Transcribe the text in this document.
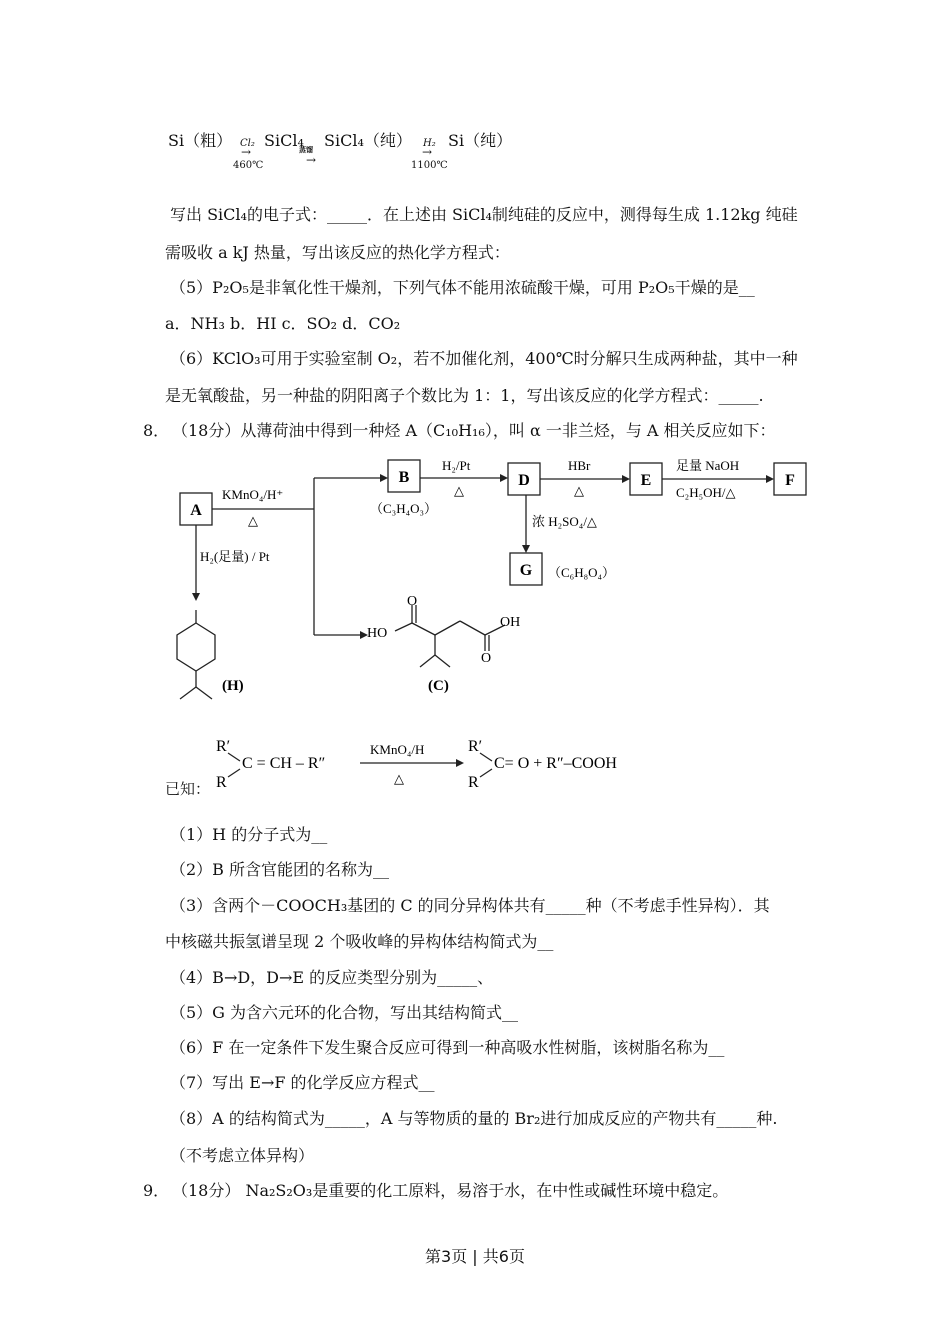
Si（粗） Cl₂
→
460℃
SiCl₄
蒸馏
→
SiCl₄（纯） H₂
→
1100℃
Si（纯）
写出 SiCl₄的电子式：_____．在上述由 SiCl₄制纯硅的反应中，测得每生成 1.12kg 纯硅
需吸收 a kJ 热量，写出该反应的热化学方程式：
（5）P₂O₅是非氧化性干燥剂，下列气体不能用浓硫酸干燥，可用 P₂O₅干燥的是__
a．NH₃ b．HI c．SO₂ d．CO₂
（6）KClO₃可用于实验室制 O₂，若不加催化剂，400℃时分解只生成两种盐，其中一种
是无氧酸盐，另一种盐的阴阳离子个数比为 1：1，写出该反应的化学方程式：_____.
8． （18分）从薄荷油中得到一种烃 A（C₁₀H₁₆），叫 α 一非兰烃，与 A 相关反应如下：
A
B	D	E	F
G
KMnO₄/H⁺
△
（C₃H₄O₃）
H₂/Pt
△
HBr
△
足量 NaOH
C₂H₅OH/△
浓 H₂SO₄/△
（C₆H₈O₄）
H₂(足量) / Pt
(H)
HO
O
OH
O
(C)
已知：
R′
R
C = CH – R″
R′
R
C= O + R″–COOH
KMnO₄/H
△
（1）H 的分子式为__
（2）B 所含官能团的名称为__
（3）含两个－COOCH₃基团的 C 的同分异构体共有_____种（不考虑手性异构）．其
中核磁共振氢谱呈现 2 个吸收峰的异构体结构简式为__
（4）B→D，D→E 的反应类型分别为_____、
（5）G 为含六元环的化合物，写出其结构简式__
（6）F 在一定条件下发生聚合反应可得到一种高吸水性树脂，该树脂名称为__
（7）写出 E→F 的化学反应方程式__
（8）A 的结构简式为_____，A 与等物质的量的 Br₂进行加成反应的产物共有_____种.
（不考虑立体异构）
9． （18分） Na₂S₂O₃是重要的化工原料，易溶于水，在中性或碱性环境中稳定。
第3页 | 共6页
